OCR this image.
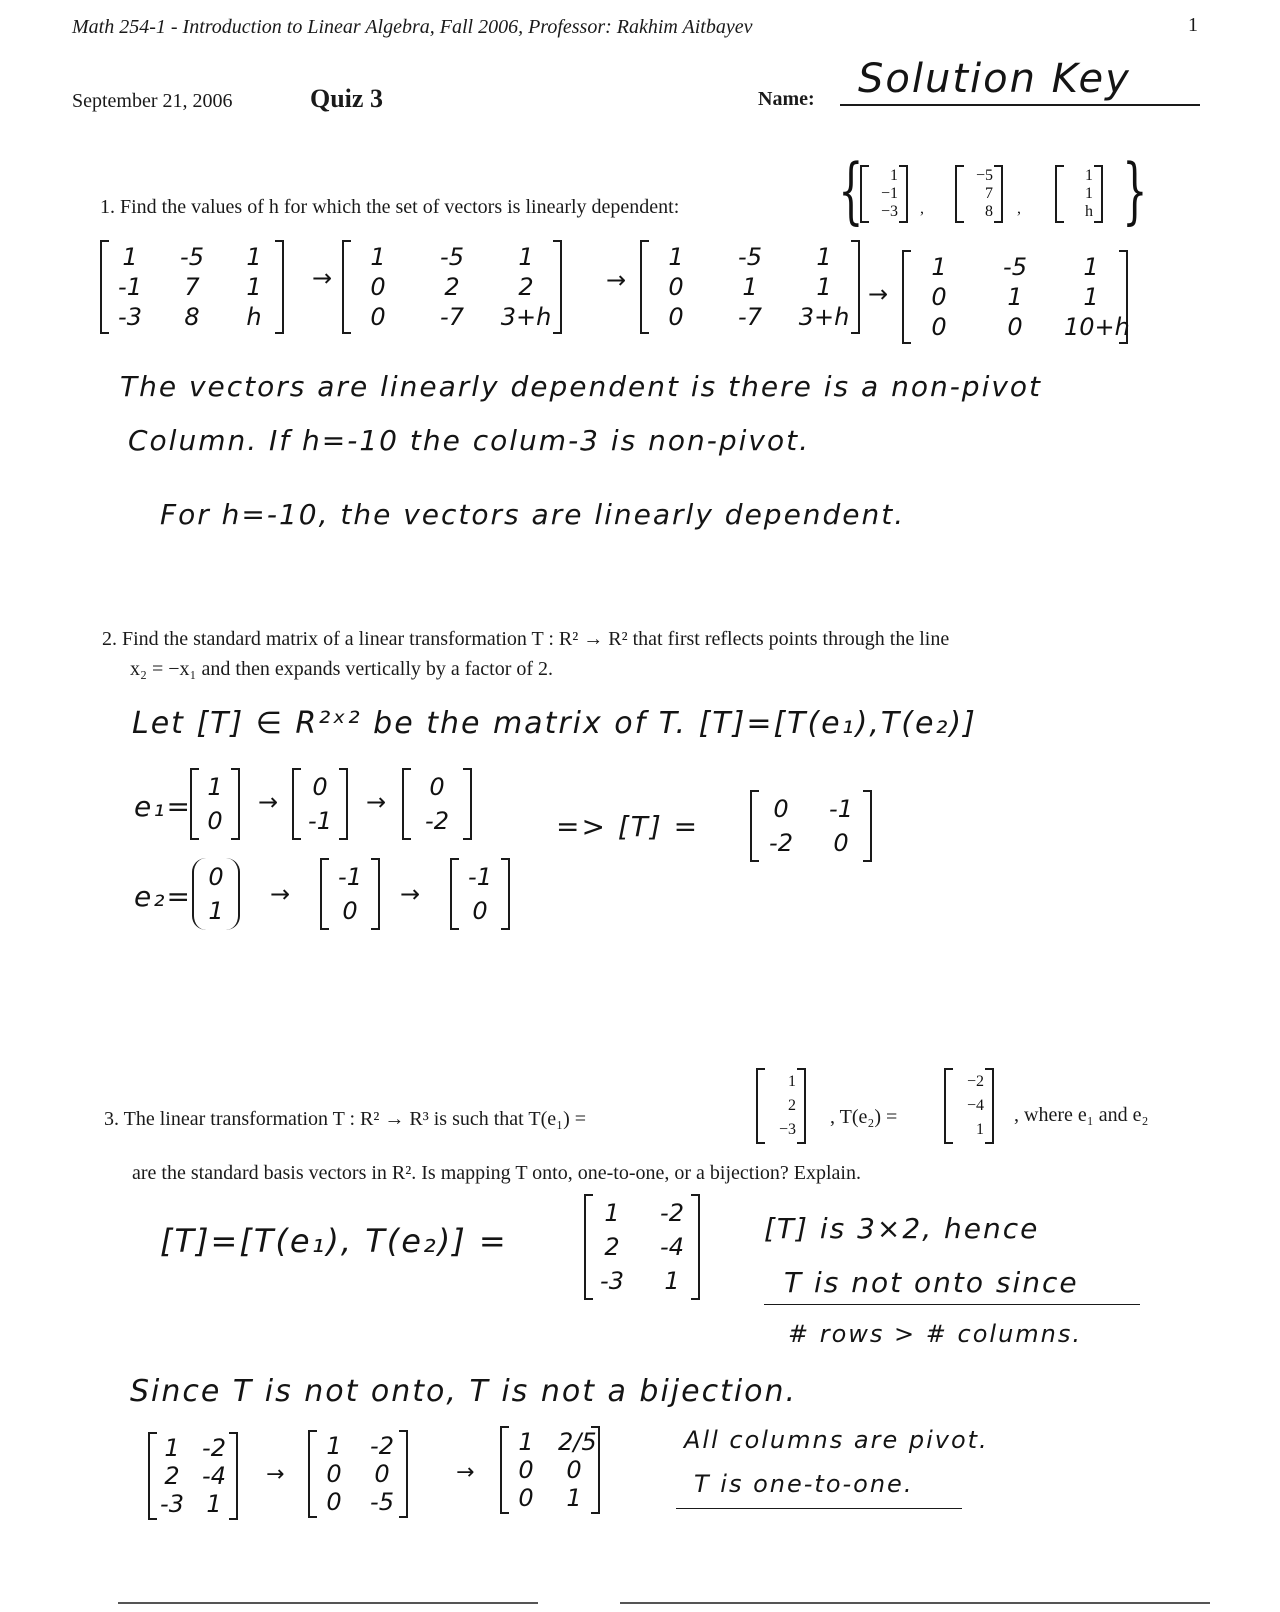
Math 254-1 - Introduction to Linear Algebra, Fall 2006, Professor: Rakhim Aitbayev	1
September 21, 2006	Quiz 3	Name: Solution Key
1. Find the values of h for which the set of vectors is linearly dependent: {	1
−1
−3 ,
−5
7
8 ,
1
1
h }
1	-5	1
-1	7	1
-3	8	h
→
1	-5	1
0	2	2
0	-7	3+h
→
1	-5	1
0	1	1
0	-7	3+h
→
1	-5	1
0	1	1
0	0	10+h
The vectors are linearly dependent is there is a non-pivot
Column. If h=-10 the colum-3 is non-pivot.
For h=-10, the vectors are linearly dependent.
2. Find the standard matrix of a linear transformation T : R² → R² that first reflects points through the line
x₂ = −x₁ and then expands vertically by a factor of 2.
Let [T] ∈ R²ˣ² be the matrix of T. [T]=[T(e₁),T(e₂)]
e₁=
1
0
→
0
-1
→
0
-2	=> [T] =
0	-1
-2	0
e₂=
0
1
→
-1
0
→
-1
0
3. The linear transformation T : R² → R³ is such that T(e₁) =
1
2
−3
, T(e₂) =
−2
−4
1
, where e₁ and e₂
are the standard basis vectors in R². Is mapping T onto, one-to-one, or a bijection? Explain.
[T]=[T(e₁), T(e₂)] =
1	-2
2	-4
-3	1
[T] is 3×2, hence
T is not onto since
# rows > # columns.
Since T is not onto, T is not a bijection.
1 -2
2 -4
-3 1
→
1	-2
0	0
0	-5
→
1	2/5
0	0
0	1
All columns are pivot.
T is one-to-one.
